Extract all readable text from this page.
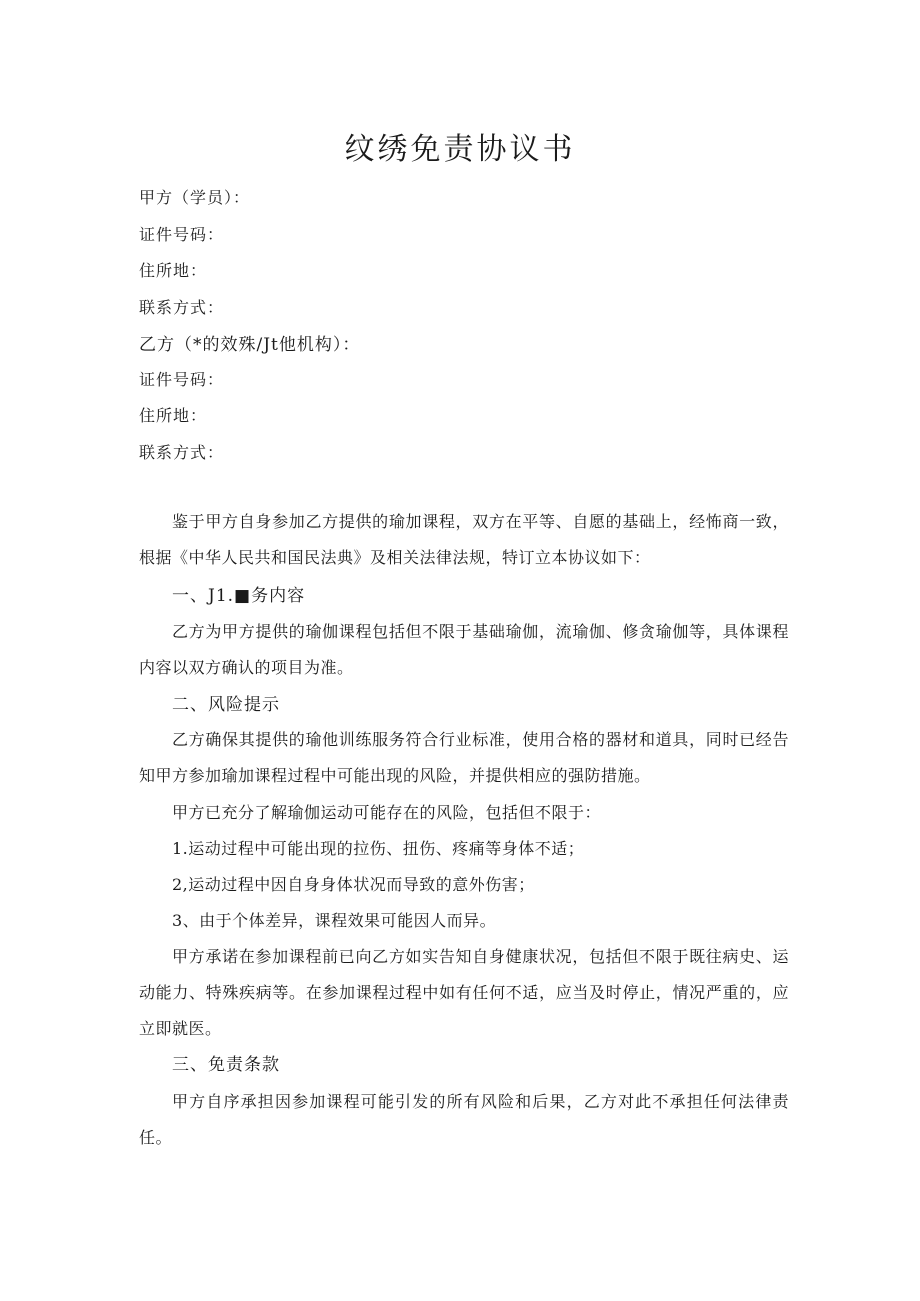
纹绣免责协议书
甲方（学员）：
证件号码：
住所地：
联系方式：
乙方（*的效殊/Jt他机构）：
证件号码：
住所地：
联系方式：

鉴于甲方自身参加乙方提供的瑜加课程，双方在平等、自愿的基础上，经怖商一致，根据《中华人民共和国民法典》及相关法律法规，特订立本协议如下：

一、J1.■务内容

乙方为甲方提供的瑜伽课程包括但不限于基础瑜伽，流瑜伽、修贪瑜伽等，具体课程内容以双方确认的项目为准。

二、风险提示

乙方确保其提供的瑜他训练服务符合行业标准，使用合格的器材和道具，同时已经告知甲方参加瑜加课程过程中可能出现的风险，并提供相应的强防措施。

甲方已充分了解瑜伽运动可能存在的风险，包括但不限于：

1.运动过程中可能出现的拉伤、扭伤、疼痛等身体不适；

2,运动过程中因自身身体状况而导致的意外伤害；

3、由于个体差异，课程效果可能因人而异。

甲方承诺在参加课程前已向乙方如实告知自身健康状况，包括但不限于既往病史、运动能力、特殊疾病等。在参加课程过程中如有任何不适，应当及时停止，情况严重的，应立即就医。

三、免责条款

甲方自序承担因参加课程可能引发的所有风险和后果，乙方对此不承担任何法律责任。
